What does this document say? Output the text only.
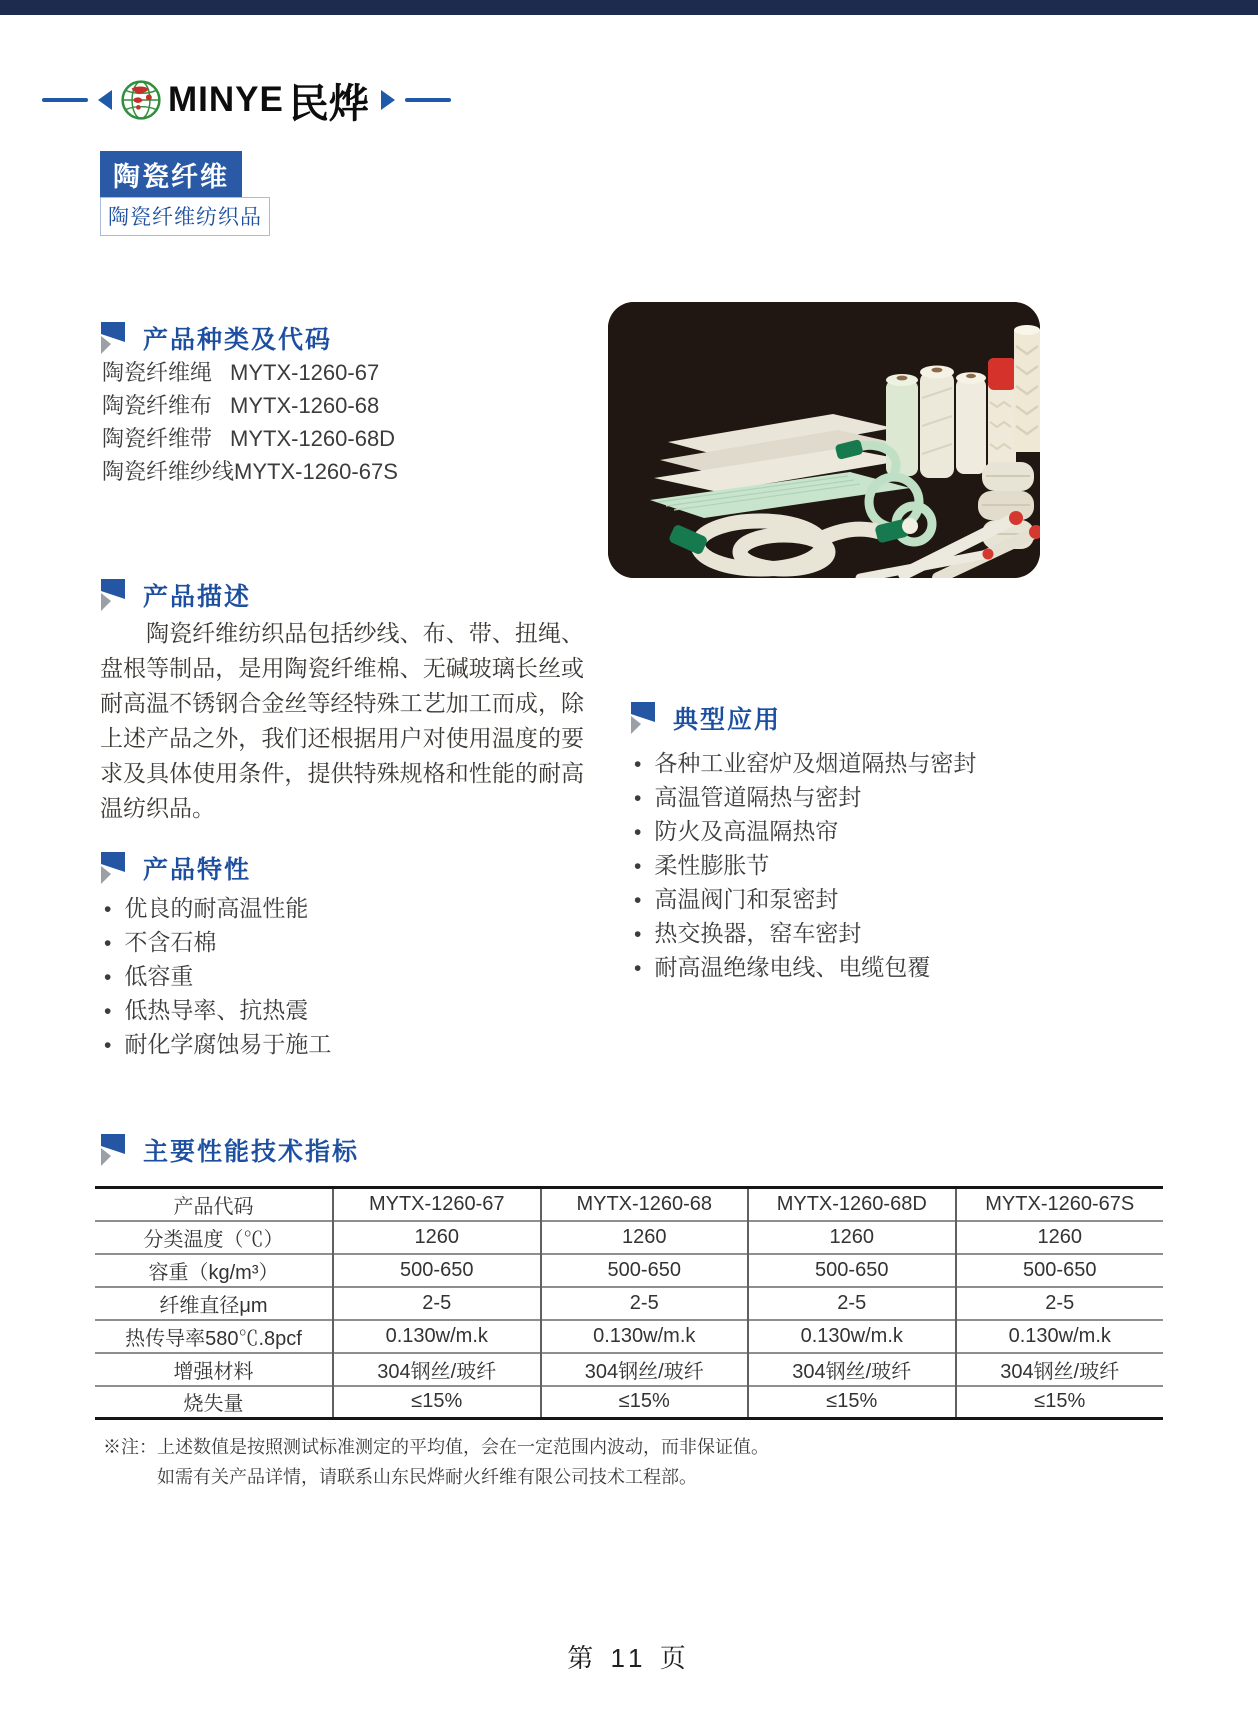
MINYE 民烨
陶瓷纤维
陶瓷纤维纺织品
产品种类及代码
陶瓷纤维绳 MYTX-1260-67
陶瓷纤维布 MYTX-1260-68
陶瓷纤维带 MYTX-1260-68D
陶瓷纤维纱线 MYTX-1260-67S
产品描述

陶瓷纤维纺织品包括纱线、布、带、扭绳、盘根等制品，是用陶瓷纤维棉、无碱玻璃长丝或耐高温不锈钢合金丝等经特殊工艺加工而成，除上述产品之外，我们还根据用户对使用温度的要求及具体使用条件，提供特殊规格和性能的耐高温纺织品。

典型应用
• 各种工业窑炉及烟道隔热与密封
• 高温管道隔热与密封
• 防火及高温隔热帘
• 柔性膨胀节
• 高温阀门和泵密封
• 热交换器，窑车密封
• 耐高温绝缘电线、电缆包覆
产品特性
• 优良的耐高温性能
• 不含石棉
• 低容重
• 低热导率、抗热震
• 耐化学腐蚀易于施工
主要性能技术指标
产品代码	MYTX-1260-67	MYTX-1260-68	MYTX-1260-68D	MYTX-1260-67S
分类温度（℃）	1260	1260	1260	1260
容重（kg/m³）	500-650	500-650	500-650	500-650
纤维直径μm	2-5	2-5	2-5	2-5
热传导率580℃.8pcf	0.130w/m.k	0.130w/m.k	0.130w/m.k	0.130w/m.k
增强材料	304钢丝/玻纤	304钢丝/玻纤	304钢丝/玻纤	304钢丝/玻纤
烧失量	≤15%	≤15%	≤15%	≤15%
※注：上述数值是按照测试标准测定的平均值，会在一定范围内波动，而非保证值。
如需有关产品详情，请联系山东民烨耐火纤维有限公司技术工程部。
第 11 页
